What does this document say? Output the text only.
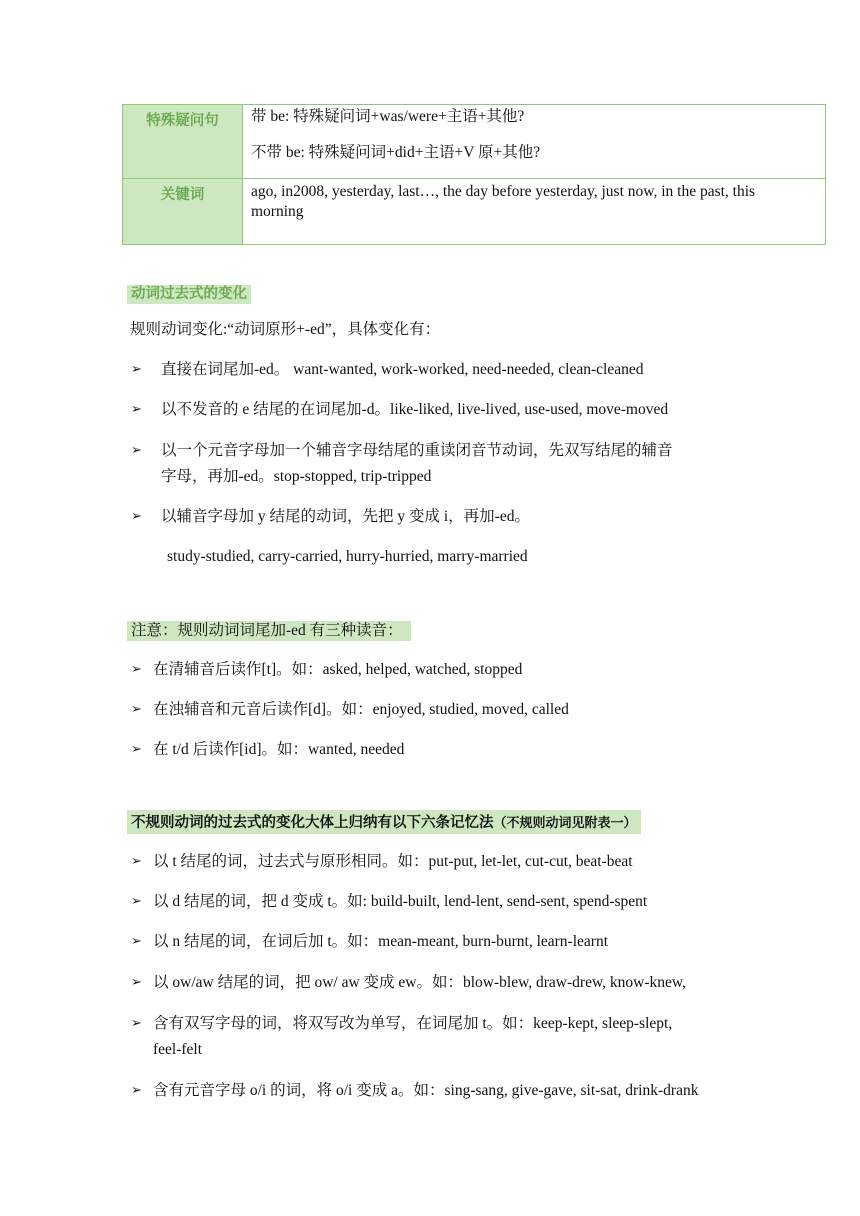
特殊疑问句	带 be: 特殊疑问词+was/were+主语+其他?
不带 be: 特殊疑问词+did+主语+V 原+其他?

关键词	ago, in2008, yesterday, last…, the day before yesterday, just now, in the past, this
morning
动词过去式的变化
规则动词变化:“动词原形+-ed”，具体变化有：
➢ 直接在词尾加-ed。 want-wanted, work-worked, need-needed, clean-cleaned
➢ 以不发音的 e 结尾的在词尾加-d。like-liked, live-lived, use-used, move-moved
➢ 以一个元音字母加一个辅音字母结尾的重读闭音节动词，先双写结尾的辅音
字母，再加-ed。stop-stopped, trip-tripped
➢ 以辅音字母加 y 结尾的动词，先把 y 变成 i，再加-ed。
study-studied, carry-carried, hurry-hurried, marry-married
注意：规则动词词尾加-ed 有三种读音：
➢ 在清辅音后读作[t]。如：asked, helped, watched, stopped
➢ 在浊辅音和元音后读作[d]。如：enjoyed, studied, moved, called
➢ 在 t/d 后读作[id]。如：wanted, needed
不规则动词的过去式的变化大体上归纳有以下六条记忆法（不规则动词见附表一）
➢ 以 t 结尾的词，过去式与原形相同。如：put-put, let-let, cut-cut, beat-beat
➢ 以 d 结尾的词，把 d 变成 t。如: build-built, lend-lent, send-sent, spend-spent
➢ 以 n 结尾的词，在词后加 t。如：mean-meant, burn-burnt, learn-learnt
➢ 以 ow/aw 结尾的词，把 ow/ aw 变成 ew。如：blow-blew, draw-drew, know-knew,
➢ 含有双写字母的词，将双写改为单写，在词尾加 t。如：keep-kept, sleep-slept,
feel-felt
➢ 含有元音字母 o/i 的词，将 o/i 变成 a。如：sing-sang, give-gave, sit-sat, drink-drank
